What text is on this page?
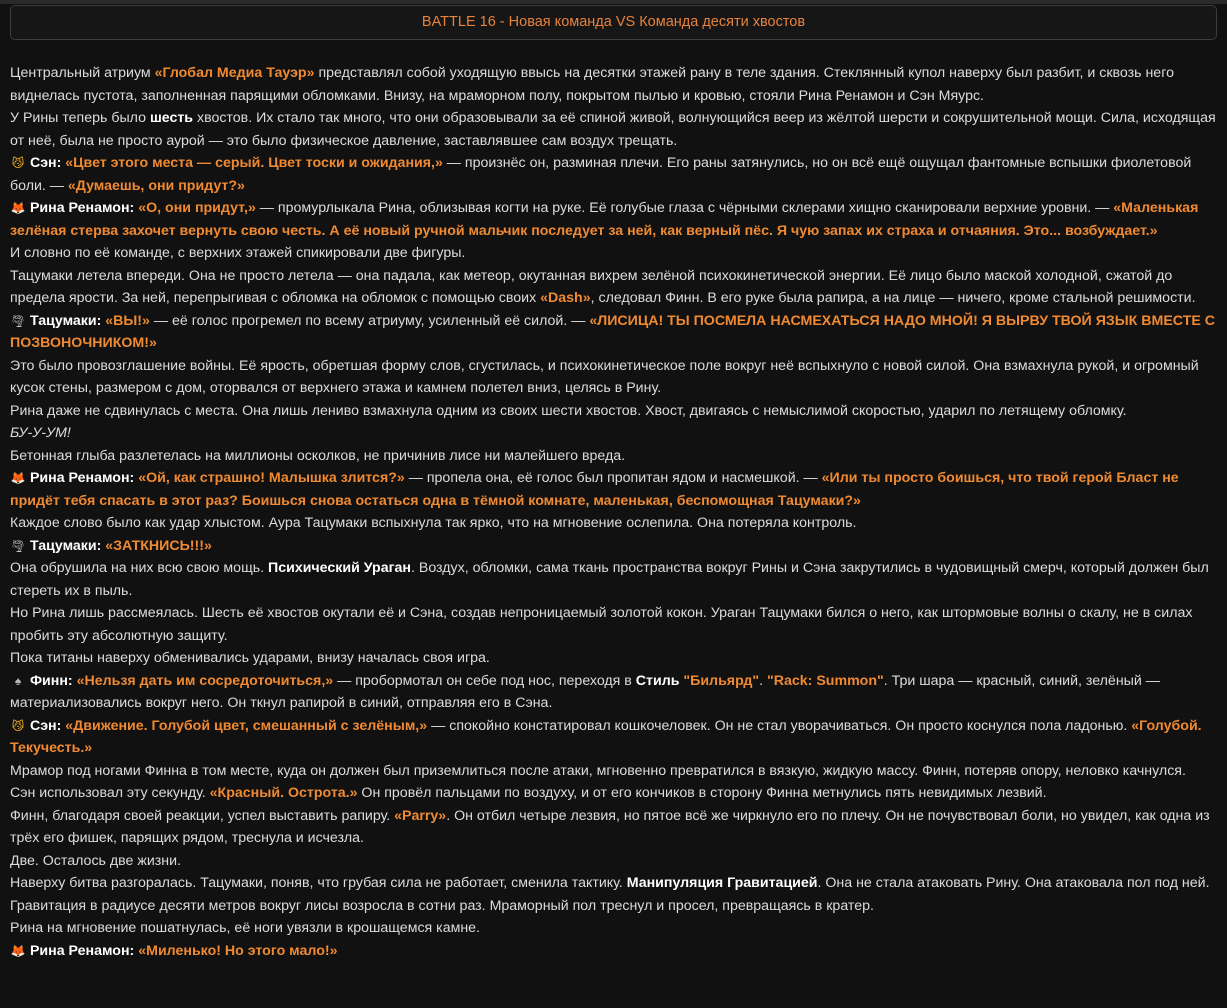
BATTLE 16 - Новая команда VS Команда десяти хвостов

Центральный атриум «Глобал Медиа Тауэр» представлял собой уходящую ввысь на десятки этажей рану в теле здания. Стеклянный купол наверху был разбит, и сквозь него виднелась пустота, заполненная парящими обломками. Внизу, на мраморном полу, покрытом пылью и кровью, стояли Рина Ренамон и Сэн Мяурс.

У Рины теперь было шесть хвостов. Их стало так много, что они образовывали за её спиной живой, волнующийся веер из жёлтой шерсти и сокрушительной мощи. Сила, исходящая от неё, была не просто аурой — это было физическое давление, заставлявшее сам воздух трещать.

😼 Сэн: «Цвет этого места — серый. Цвет тоски и ожидания,» — произнёс он, разминая плечи. Его раны затянулись, но он всё ещё ощущал фантомные вспышки фиолетовой боли. — «Думаешь, они придут?»

🦊 Рина Ренамон: «О, они придут,» — промурлыкала Рина, облизывая когти на руке. Её голубые глаза с чёрными склерами хищно сканировали верхние уровни. — «Маленькая зелёная стерва захочет вернуть свою честь. А её новый ручной мальчик последует за ней, как верный пёс. Я чую запах их страха и отчаяния. Это... возбуждает.»

И словно по её команде, с верхних этажей спикировали две фигуры.

Тацумаки летела впереди. Она не просто летела — она падала, как метеор, окутанная вихрем зелёной психокинетической энергии. Её лицо было маской холодной, сжатой до предела ярости. За ней, перепрыгивая с обломка на обломок с помощью своих «Dash», следовал Финн. В его руке была рапира, а на лице — ничего, кроме стальной решимости.

🌪 Тацумаки: «ВЫ!» — её голос прогремел по всему атриуму, усиленный её силой. — «ЛИСИЦА! ТЫ ПОСМЕЛА НАСМЕХАТЬСЯ НАДО МНОЙ! Я ВЫРВУ ТВОЙ ЯЗЫК ВМЕСТЕ С ПОЗВОНОЧНИКОМ!»

Это было провозглашение войны. Её ярость, обретшая форму слов, сгустилась, и психокинетическое поле вокруг неё вспыхнуло с новой силой. Она взмахнула рукой, и огромный кусок стены, размером с дом, оторвался от верхнего этажа и камнем полетел вниз, целясь в Рину.

Рина даже не сдвинулась с места. Она лишь лениво взмахнула одним из своих шести хвостов. Хвост, двигаясь с немыслимой скоростью, ударил по летящему обломку.

БУ-У-УМ!

Бетонная глыба разлетелась на миллионы осколков, не причинив лисе ни малейшего вреда.

🦊 Рина Ренамон: «Ой, как страшно! Малышка злится?» — пропела она, её голос был пропитан ядом и насмешкой. — «Или ты просто боишься, что твой герой Бласт не придёт тебя спасать в этот раз? Боишься снова остаться одна в тёмной комнате, маленькая, беспомощная Тацумаки?»

Каждое слово было как удар хлыстом. Аура Тацумаки вспыхнула так ярко, что на мгновение ослепила. Она потеряла контроль.

🌪 Тацумаки: «ЗАТКНИСЬ!!!»

Она обрушила на них всю свою мощь. Психический Ураган. Воздух, обломки, сама ткань пространства вокруг Рины и Сэна закрутились в чудовищный смерч, который должен был стереть их в пыль.

Но Рина лишь рассмеялась. Шесть её хвостов окутали её и Сэна, создав непроницаемый золотой кокон. Ураган Тацумаки бился о него, как штормовые волны о скалу, не в силах пробить эту абсолютную защиту.

Пока титаны наверху обменивались ударами, внизу началась своя игра.

♠ Финн: «Нельзя дать им сосредоточиться,» — пробормотал он себе под нос, переходя в Стиль "Бильярд". "Rack: Summon". Три шара — красный, синий, зелёный — материализовались вокруг него. Он ткнул рапирой в синий, отправляя его в Сэна.

😼 Сэн: «Движение. Голубой цвет, смешанный с зелёным,» — спокойно констатировал кошкочеловек. Он не стал уворачиваться. Он просто коснулся пола ладонью. «Голубой. Текучесть.»

Мрамор под ногами Финна в том месте, куда он должен был приземлиться после атаки, мгновенно превратился в вязкую, жидкую массу. Финн, потеряв опору, неловко качнулся.

Сэн использовал эту секунду. «Красный. Острота.» Он провёл пальцами по воздуху, и от его кончиков в сторону Финна метнулись пять невидимых лезвий.

Финн, благодаря своей реакции, успел выставить рапиру. «Parry». Он отбил четыре лезвия, но пятое всё же чиркнуло его по плечу. Он не почувствовал боли, но увидел, как одна из трёх его фишек, парящих рядом, треснула и исчезла.

Две. Осталось две жизни.

Наверху битва разгоралась. Тацумаки, поняв, что грубая сила не работает, сменила тактику. Манипуляция Гравитацией. Она не стала атаковать Рину. Она атаковала пол под ней. Гравитация в радиусе десяти метров вокруг лисы возросла в сотни раз. Мраморный пол треснул и просел, превращаясь в кратер.

Рина на мгновение пошатнулась, её ноги увязли в крошащемся камне.

🦊 Рина Ренамон: «Миленько! Но этого мало!»
